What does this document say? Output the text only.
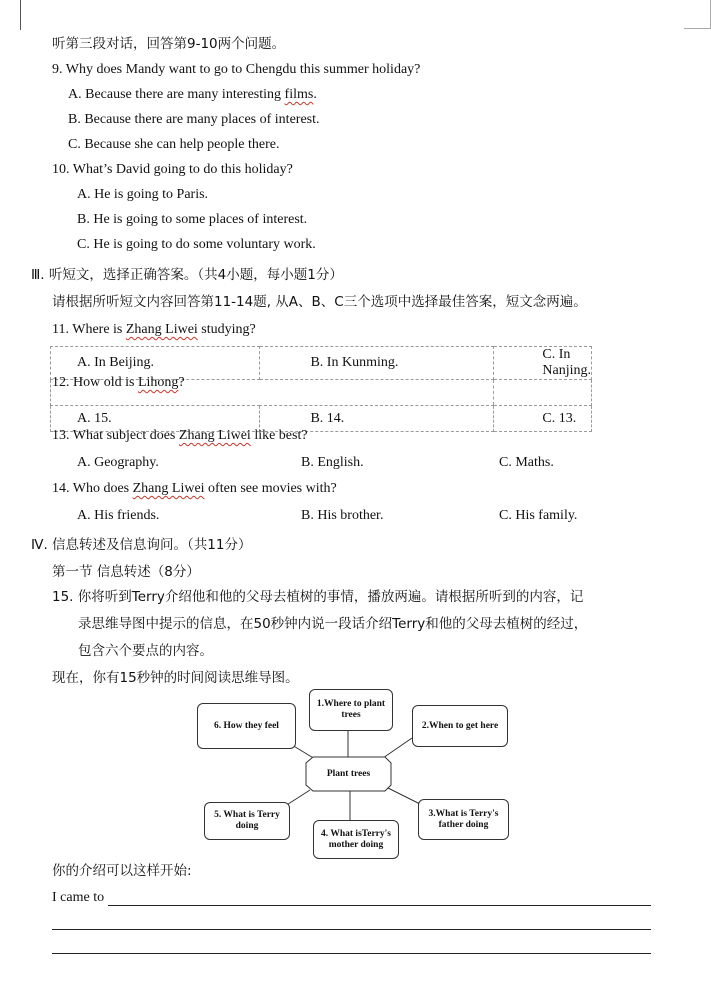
听第三段对话，回答第9-10两个问题。
9. Why does Mandy want to go to Chengdu this summer holiday?
A. Because there are many interesting films.
B. Because there are many places of interest.
C. Because she can help people there.
10. What’s David going to do this holiday?
A. He is going to Paris.
B. He is going to some places of interest.
C. He is going to do some voluntary work.
Ⅲ. 听短文，选择正确答案。（共4小题，每小题1分）
请根据所听短文内容回答第11-14题, 从A、B、C三个选项中选择最佳答案，短文念两遍。
11. Where is Zhang Liwei studying?
A. In Beijing.	B. In Kunming.	C. In Nanjing.

A. 15.	B. 14.	C. 13.
12. How old is Lihong?
13. What subject does Zhang Liwei like best?
A. Geography.	B. English.	C. Maths.
14. Who does Zhang Liwei often see movies with?
A. His friends.	B. His brother.	C. His family.
Ⅳ. 信息转述及信息询问。（共11分）
第一节 信息转述（8分）
15. 你将听到Terry介绍他和他的父母去植树的事情，播放两遍。请根据所听到的内容，记
录思维导图中提示的信息，在50秒钟内说一段话介绍Terry和他的父母去植树的经过，
包含六个要点的内容。
现在，你有15秒钟的时间阅读思维导图。
Plant trees
1.Where to plant trees
2.When to get here
3.What is Terry's father doing
4. What isTerry's mother doing
5. What is Terry doing
6. How they feel
你的介绍可以这样开始:
I came to
